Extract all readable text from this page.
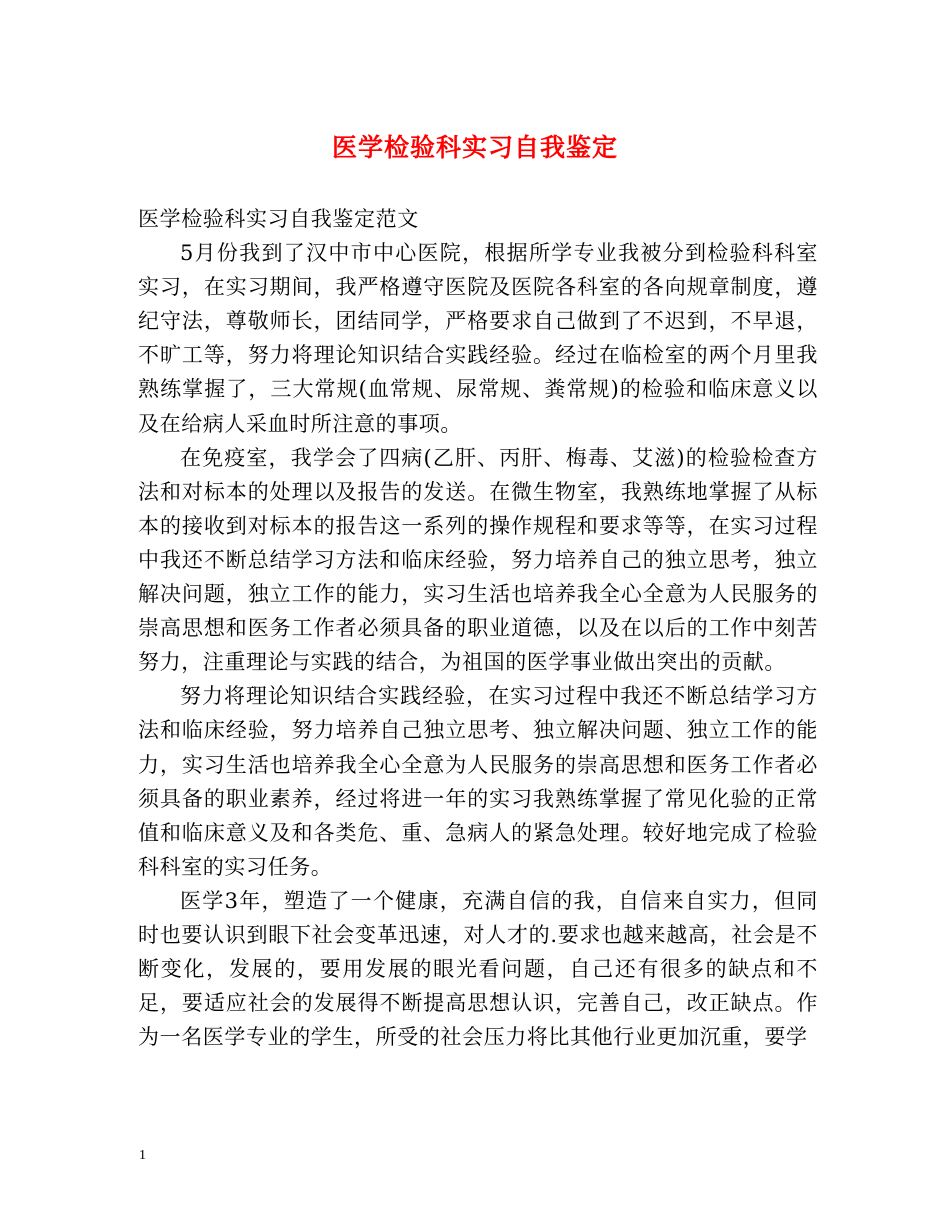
医学检验科实习自我鉴定

医学检验科实习自我鉴定范文

5月份我到了汉中市中心医院，根据所学专业我被分到检验科科室实习，在实习期间，我严格遵守医院及医院各科室的各向规章制度，遵纪守法，尊敬师长，团结同学，严格要求自己做到了不迟到，不早退，不旷工等，努力将理论知识结合实践经验。经过在临检室的两个月里我熟练掌握了，三大常规(血常规、尿常规、粪常规)的检验和临床意义以及在给病人采血时所注意的事项。

在免疫室，我学会了四病(乙肝、丙肝、梅毒、艾滋)的检验检查方法和对标本的处理以及报告的发送。在微生物室，我熟练地掌握了从标本的接收到对标本的报告这一系列的操作规程和要求等等，在实习过程中我还不断总结学习方法和临床经验，努力培养自己的独立思考，独立解决问题，独立工作的能力，实习生活也培养我全心全意为人民服务的崇高思想和医务工作者必须具备的职业道德，以及在以后的工作中刻苦努力，注重理论与实践的结合，为祖国的医学事业做出突出的贡献。

努力将理论知识结合实践经验，在实习过程中我还不断总结学习方法和临床经验，努力培养自己独立思考、独立解决问题、独立工作的能力，实习生活也培养我全心全意为人民服务的崇高思想和医务工作者必须具备的职业素养，经过将进一年的实习我熟练掌握了常见化验的正常值和临床意义及和各类危、重、急病人的紧急处理。较好地完成了检验科科室的实习任务。

医学3年，塑造了一个健康，充满自信的我，自信来自实力，但同时也要认识到眼下社会变革迅速，对人才的.要求也越来越高，社会是不断变化，发展的，要用发展的眼光看问题，自己还有很多的缺点和不足，要适应社会的发展得不断提高思想认识，完善自己，改正缺点。作为一名医学专业的学生，所受的社会压力将比其他行业更加沉重，要学

1
